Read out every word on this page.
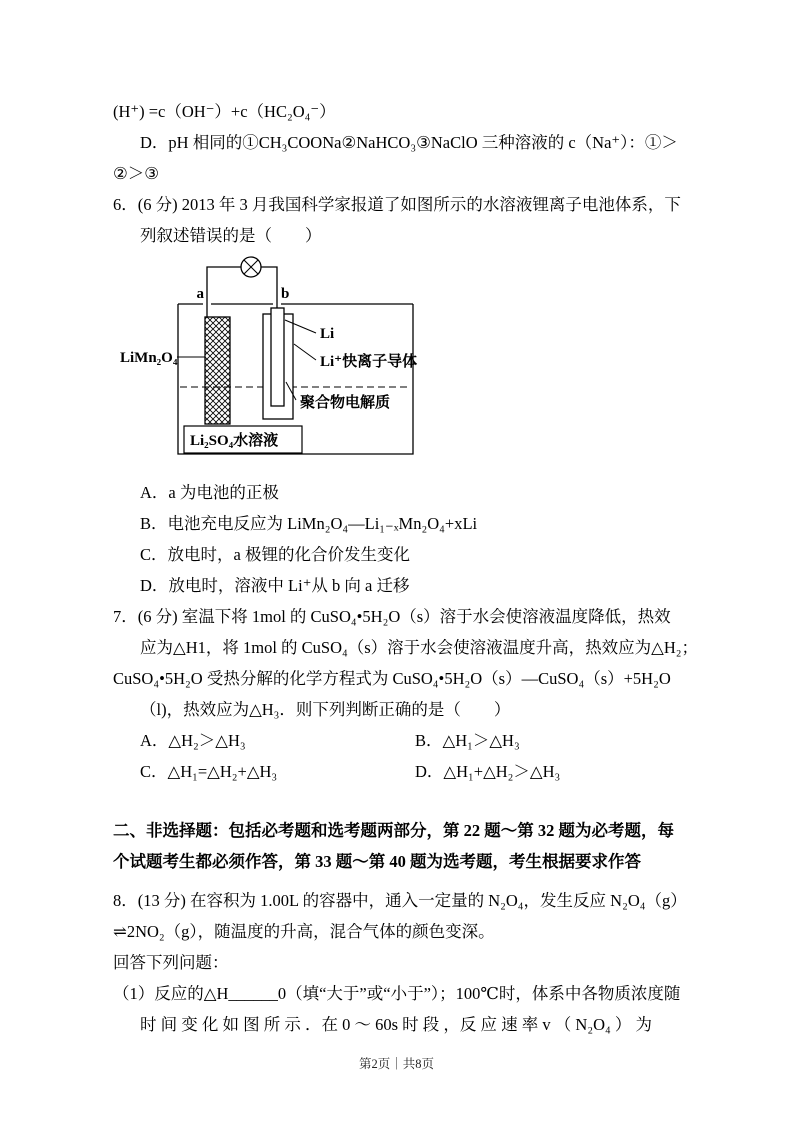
(H⁺) =c（OH⁻）+c（HC₂O₄⁻）
D．pH 相同的①CH₃COONa②NaHCO₃③NaClO 三种溶液的 c（Na⁺）：①＞
②＞③
6．(6 分) 2013 年 3 月我国科学家报道了如图所示的水溶液锂离子电池体系，下
列叙述错误的是（　　）
a	b
Li
Li⁺快离子导体
聚合物电解质
LiMn₂O₄
Li₂SO₄水溶液
A．a 为电池的正极
B．电池充电反应为 LiMn₂O₄—Li₁₋ₓMn₂O₄+xLi
C．放电时，a 极锂的化合价发生变化
D．放电时，溶液中 Li⁺从 b 向 a 迁移
7．(6 分) 室温下将 1mol 的 CuSO₄•5H₂O（s）溶于水会使溶液温度降低，热效
应为△H1，将 1mol 的 CuSO₄（s）溶于水会使溶液温度升高，热效应为△H₂；
CuSO₄•5H₂O 受热分解的化学方程式为 CuSO₄•5H₂O（s）—CuSO₄（s）+5H₂O
（l)，热效应为△H₃．则下列判断正确的是（　　）
A．△H₂＞△H₃	B．△H₁＞△H₃
C．△H₁=△H₂+△H₃	D．△H₁+△H₂＞△H₃
二、非选择题：包括必考题和选考题两部分，第 22 题～第 32 题为必考题，每
个试题考生都必须作答，第 33 题～第 40 题为选考题，考生根据要求作答
8．(13 分) 在容积为 1.00L 的容器中，通入一定量的 N₂O₄，发生反应 N₂O₄（g）
⇌2NO₂（g），随温度的升高，混合气体的颜色变深。
回答下列问题：
（1）反应的△H______0（填“大于”或“小于”）；100℃时，体系中各物质浓度随
时 间 变 化 如 图 所 示 ．在 0 ～ 60s 时 段 ，反 应 速 率 v （ N₂O₄ ） 为
第2页｜共8页
